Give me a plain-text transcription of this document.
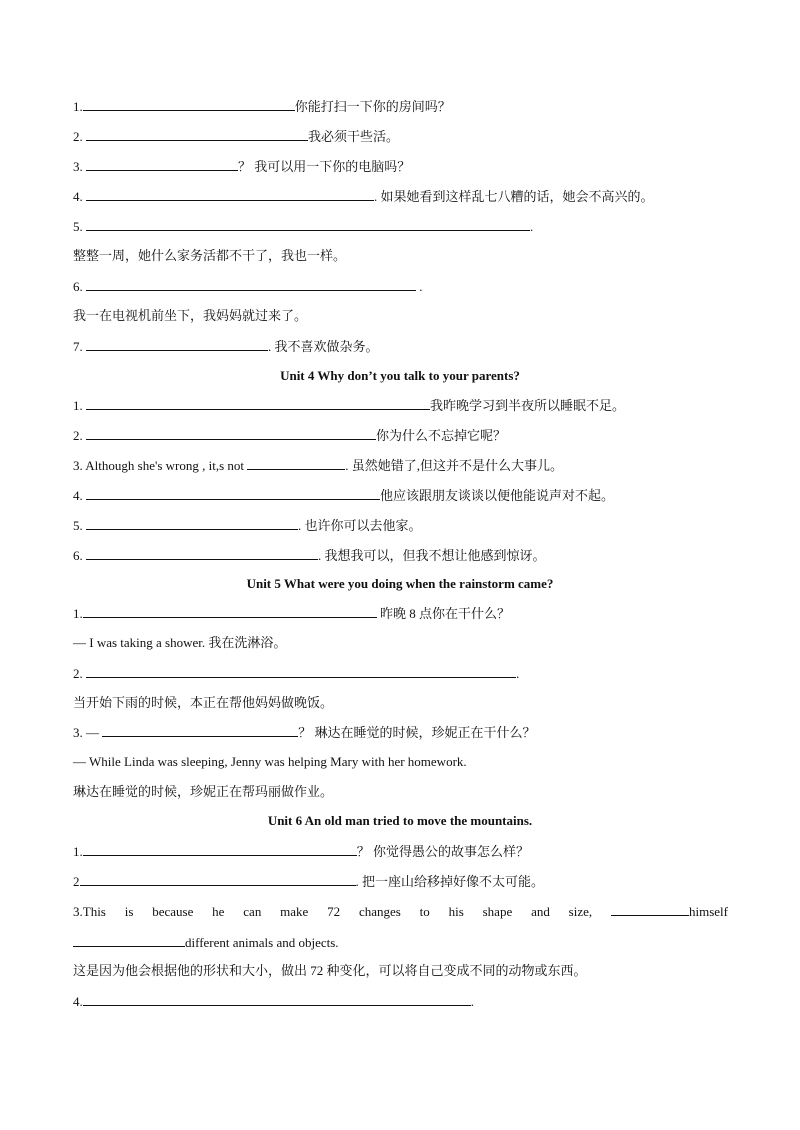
1.	你能打扫一下你的房间吗？
2.	我必须干些活。
3.	？ 我可以用一下你的电脑吗？
4.	. 如果她看到这样乱七八糟的话，她会不高兴的。
5.	.
整整一周，她什么家务活都不干了，我也一样。
6.	.
我一在电视机前坐下，我妈妈就过来了。
7.	. 我不喜欢做杂务。
Unit 4 Why don’t you talk to your parents?
1.	我昨晚学习到半夜所以睡眠不足。
2.	你为什么不忘掉它呢？
3. Although she's wrong , it,s not	. 虽然她错了,但这并不是什么大事儿。
4.	他应该跟朋友谈谈以便他能说声对不起。
5.	. 也许你可以去他家。
6.	. 我想我可以，但我不想让他感到惊讶。
Unit 5 What were you doing when the rainstorm came?
1.	昨晚 8 点你在干什么？
— I was taking a shower. 我在洗淋浴。
2.	.
当开始下雨的时候，本正在帮他妈妈做晚饭。
3. —	？ 琳达在睡觉的时候，珍妮正在干什么？
— While Linda was sleeping, Jenny was helping Mary with her homework.
琳达在睡觉的时候，珍妮正在帮玛丽做作业。
Unit 6 An old man tried to move the mountains.
1.	？ 你觉得愚公的故事怎么样？
2	. 把一座山给移掉好像不太可能。
3.This is because he can make 72 changes to his shape and size,	himself
different animals and objects.
这是因为他会根据他的形状和大小，做出 72 种变化，可以将自己变成不同的动物或东西。
4.	.
